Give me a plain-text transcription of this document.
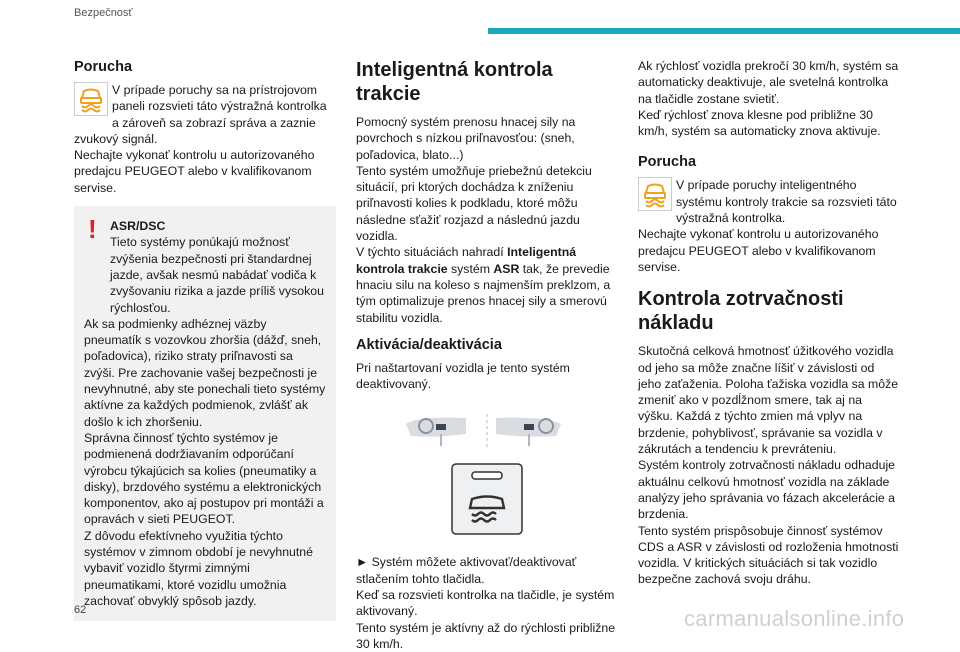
Bezpečnosť
Porucha

V prípade poruchy sa na prístrojovom paneli rozsvieti táto výstražná kontrolka a zároveň sa zobrazí správa a zaznie zvukový signál.

Nechajte vykonať kontrolu u autorizovaného predajcu PEUGEOT alebo v kvalifikovanom servise.

! ASR/DSC

Tieto systémy ponúkajú možnosť zvýšenia bezpečnosti pri štandardnej jazde, avšak nesmú nabádať vodiča k zvyšovaniu rizika a jazde príliš vysokou rýchlosťou.

Ak sa podmienky adhéznej väzby pneumatík s vozovkou zhoršia (dážď, sneh, poľadovica), riziko straty priľnavosti sa zvýši. Pre zachovanie vašej bezpečnosti je nevyhnutné, aby ste ponechali tieto systémy aktívne za každých podmienok, zvlášť ak došlo k ich zhoršeniu.

Správna činnosť týchto systémov je podmienená dodržiavaním odporúčaní výrobcu týkajúcich sa kolies (pneumatiky a disky), brzdového systému a elektronických komponentov, ako aj postupov pri montáži a opravách v sieti PEUGEOT.

Z dôvodu efektívneho využitia týchto systémov v zimnom období je nevyhnutné vybaviť vozidlo štyrmi zimnými pneumatikami, ktoré vozidlu umožnia zachovať obvyklý spôsob jazdy.

Inteligentná kontrola trakcie

Pomocný systém prenosu hnacej sily na povrchoch s nízkou priľnavosťou: (sneh, poľadovica, blato...)

Tento systém umožňuje priebežnú detekciu situácií, pri ktorých dochádza k zníženiu priľnavosti kolies k podkladu, ktoré môžu následne sťažiť rozjazd a následnú jazdu vozidla.

V týchto situáciách nahradí Inteligentná kontrola trakcie systém ASR tak, že prevedie hnaciu silu na koleso s najmenším preklzom, a tým optimalizuje prenos hnacej sily a smerovú stabilitu vozidla.

Aktivácia/deaktivácia

Pri naštartovaní vozidla je tento systém deaktivovaný.

► Systém môžete aktivovať/deaktivovať stlačením tohto tlačidla.

Keď sa rozsvieti kontrolka na tlačidle, je systém aktivovaný.

Tento systém je aktívny až do rýchlosti približne 30 km/h.

Ak rýchlosť vozidla prekročí 30 km/h, systém sa automaticky deaktivuje, ale svetelná kontrolka na tlačidle zostane svietiť.

Keď rýchlosť znova klesne pod približne 30 km/h, systém sa automaticky znova aktivuje.

Porucha

V prípade poruchy inteligentného systému kontroly trakcie sa rozsvieti táto výstražná kontrolka.

Nechajte vykonať kontrolu u autorizovaného predajcu PEUGEOT alebo v kvalifikovanom servise.

Kontrola zotrvačnosti nákladu

Skutočná celková hmotnosť úžitkového vozidla od jeho sa môže značne líšiť v závislosti od jeho zaťaženia. Poloha ťažiska vozidla sa môže zmeniť ako v pozdĺžnom smere, tak aj na výšku. Každá z týchto zmien má vplyv na brzdenie, pohyblivosť, správanie sa vozidla v zákrutách a tendenciu k prevráteniu.

Systém kontroly zotrvačnosti nákladu odhaduje aktuálnu celkovú hmotnosť vozidla na základe analýzy jeho správania vo fázach akcelerácie a brzdenia.

Tento systém prispôsobuje činnosť systémov CDS a ASR v závislosti od rozloženia hmotnosti vozidla. V kritických situáciách si tak vozidlo bezpečne zachová svoju dráhu.

62	carmanualsonline.info
